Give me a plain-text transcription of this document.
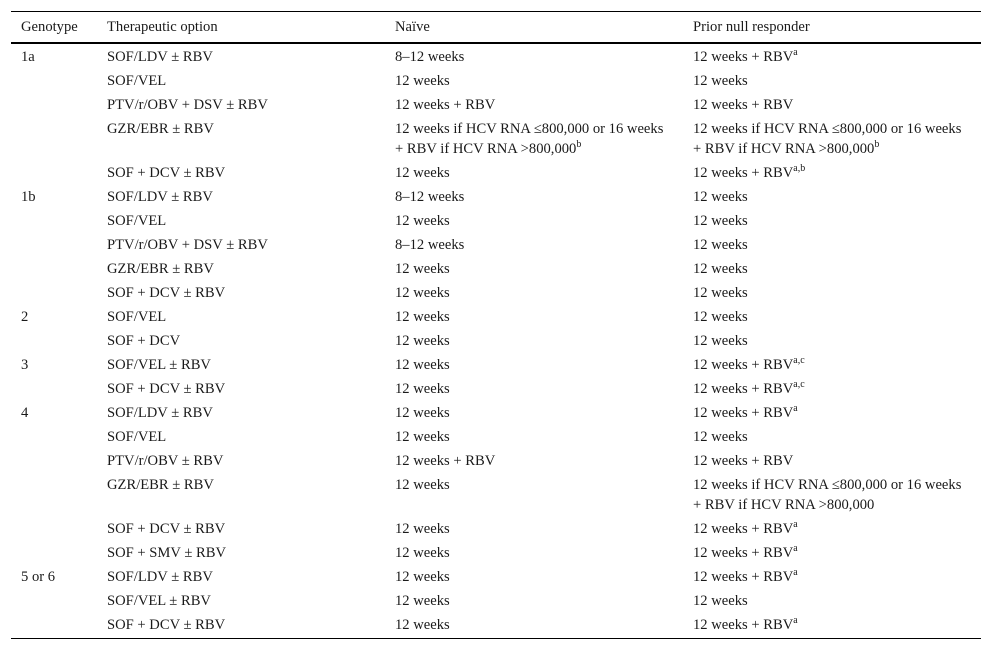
Genotype	Therapeutic option	Naïve	Prior null responder
1a	SOF/LDV ± RBV	8–12 weeks	12 weeks + $RBV^a$
	SOF/VEL	12 weeks	12 weeks
	PTV/r/OBV + DSV ± RBV	12 weeks + RBV	12 weeks + RBV
	GZR/EBR ± RBV	12 weeks if HCV RNA ≤800,000 or 16 weeks + RBV if HCV RNA >800,000$^b$	12 weeks if HCV RNA ≤800,000 or 16 weeks + RBV if HCV RNA >800,000$^b$
	SOF + DCV ± RBV	12 weeks	12 weeks + RBV$^{a,b}$
1b	SOF/LDV ± RBV	8–12 weeks	12 weeks
	SOF/VEL	12 weeks	12 weeks
	PTV/r/OBV + DSV ± RBV	8–12 weeks	12 weeks
	GZR/EBR ± RBV	12 weeks	12 weeks
	SOF + DCV ± RBV	12 weeks	12 weeks
2	SOF/VEL	12 weeks	12 weeks
	SOF + DCV	12 weeks	12 weeks
3	SOF/VEL ± RBV	12 weeks	12 weeks + RBV$^{a,c}$
	SOF + DCV ± RBV	12 weeks	12 weeks + RBV$^{a,c}$
4	SOF/LDV ± RBV	12 weeks	12 weeks + $RBV^a$
	SOF/VEL	12 weeks	12 weeks
	PTV/r/OBV ± RBV	12 weeks + RBV	12 weeks + RBV
	GZR/EBR ± RBV	12 weeks	12 weeks if HCV RNA ≤800,000 or 16 weeks + RBV if HCV RNA >800,000
	SOF + DCV ± RBV	12 weeks	12 weeks + $RBV^a$
	SOF + SMV ± RBV	12 weeks	12 weeks + $RBV^a$
5 or 6	SOF/LDV ± RBV	12 weeks	12 weeks + $RBV^a$
	SOF/VEL ± RBV	12 weeks	12 weeks
	SOF + DCV ± RBV	12 weeks	12 weeks + $RBV^a$
